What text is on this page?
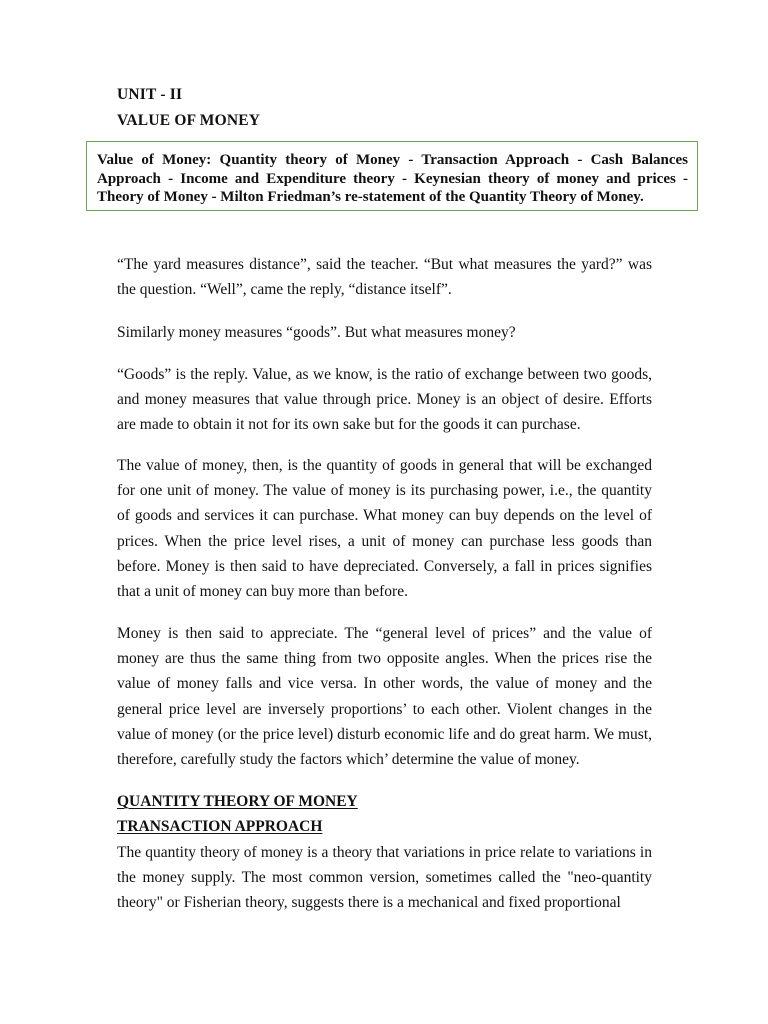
UNIT - II

VALUE OF MONEY

Value of Money: Quantity theory of Money - Transaction Approach - Cash Balances Approach - Income and Expenditure theory - Keynesian theory of money and prices - Theory of Money - Milton Friedman’s re-statement of the Quantity Theory of Money.

“The yard measures distance”, said the teacher. “But what measures the yard?” was the question. “Well”, came the reply, “distance itself”.

Similarly money measures “goods”. But what measures money?

“Goods” is the reply. Value, as we know, is the ratio of exchange between two goods, and money measures that value through price. Money is an object of desire. Efforts are made to obtain it not for its own sake but for the goods it can purchase.

The value of money, then, is the quantity of goods in general that will be exchanged for one unit of money. The value of money is its purchasing power, i.e., the quantity of goods and services it can purchase. What money can buy depends on the level of prices. When the price level rises, a unit of money can purchase less goods than before. Money is then said to have depreciated. Conversely, a fall in prices signifies that a unit of money can buy more than before.

Money is then said to appreciate. The “general level of prices” and the value of money are thus the same thing from two opposite angles. When the prices rise the value of money falls and vice versa. In other words, the value of money and the general price level are inversely proportions’ to each other. Violent changes in the value of money (or the price level) disturb economic life and do great harm. We must, therefore, carefully study the factors which’ determine the value of money.

QUANTITY THEORY OF MONEY

TRANSACTION APPROACH

The quantity theory of money is a theory that variations in price relate to variations in the money supply. The most common version, sometimes called the "neo-quantity theory" or Fisherian theory, suggests there is a mechanical and fixed proportional
